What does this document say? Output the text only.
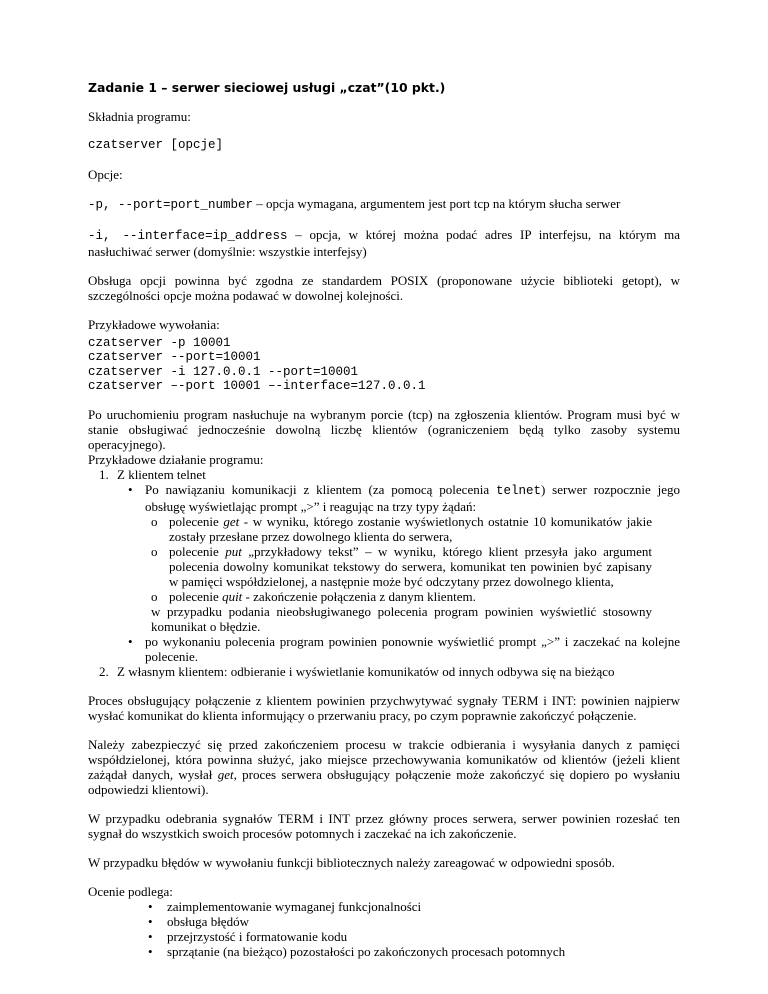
Zadanie 1 – serwer sieciowej usługi „czat”(10 pkt.)

Składnia programu:

czatserver [opcje]

Opcje:

-p, --port=port_number – opcja wymagana, argumentem jest port tcp na którym słucha serwer

-i, --interface=ip_address – opcja, w której można podać adres IP interfejsu, na którym ma nasłuchiwać serwer (domyślnie: wszystkie interfejsy)

Obsługa opcji powinna być zgodna ze standardem POSIX (proponowane użycie biblioteki getopt), w szczególności opcje można podawać w dowolnej kolejności.

Przykładowe wywołania:

czatserver -p 10001
czatserver --port=10001
czatserver -i 127.0.0.1 --port=10001
czatserver –-port 10001 –-interface=127.0.0.1

Po uruchomieniu program nasłuchuje na wybranym porcie (tcp) na zgłoszenia klientów. Program musi być w stanie obsługiwać jednocześnie dowolną liczbę klientów (ograniczeniem będą tylko zasoby systemu operacyjnego).

Przykładowe działanie programu:
1. Z klientem telnet
• Po nawiązaniu komunikacji z klientem (za pomocą polecenia telnet) serwer rozpocznie jego obsługę wyświetlając prompt „>” i reagując na trzy typy żądań:
o polecenie get - w wyniku, którego zostanie wyświetlonych ostatnie 10 komunikatów jakie zostały przesłane przez dowolnego klienta do serwera,
o polecenie put „przykładowy tekst” – w wyniku, którego klient przesyła jako argument polecenia dowolny komunikat tekstowy do serwera, komunikat ten powinien być zapisany w pamięci współdzielonej, a następnie może być odczytany przez dowolnego klienta,
o polecenie quit - zakończenie połączenia z danym klientem.
w przypadku podania nieobsługiwanego polecenia program powinien wyświetlić stosowny komunikat o błędzie.
• po wykonaniu polecenia program powinien ponownie wyświetlić prompt „>” i zaczekać na kolejne polecenie.
2. Z własnym klientem: odbieranie i wyświetlanie komunikatów od innych odbywa się na bieżąco

Proces obsługujący połączenie z klientem powinien przychwytywać sygnały TERM i INT: powinien najpierw wysłać komunikat do klienta informujący o przerwaniu pracy, po czym poprawnie zakończyć połączenie.

Należy zabezpieczyć się przed zakończeniem procesu w trakcie odbierania i wysyłania danych z pamięci współdzielonej, która powinna służyć, jako miejsce przechowywania komunikatów od klientów (jeżeli klient zażądał danych, wysłał get, proces serwera obsługujący połączenie może zakończyć się dopiero po wysłaniu odpowiedzi klientowi).

W przypadku odebrania sygnałów TERM i INT przez główny proces serwera, serwer powinien rozesłać ten sygnał do wszystkich swoich procesów potomnych i zaczekać na ich zakończenie.

W przypadku błędów w wywołaniu funkcji bibliotecznych należy zareagować w odpowiedni sposób.

Ocenie podlega:
• zaimplementowanie wymaganej funkcjonalności
• obsługa błędów
• przejrzystość i formatowanie kodu
• sprzątanie (na bieżąco) pozostałości po zakończonych procesach potomnych
